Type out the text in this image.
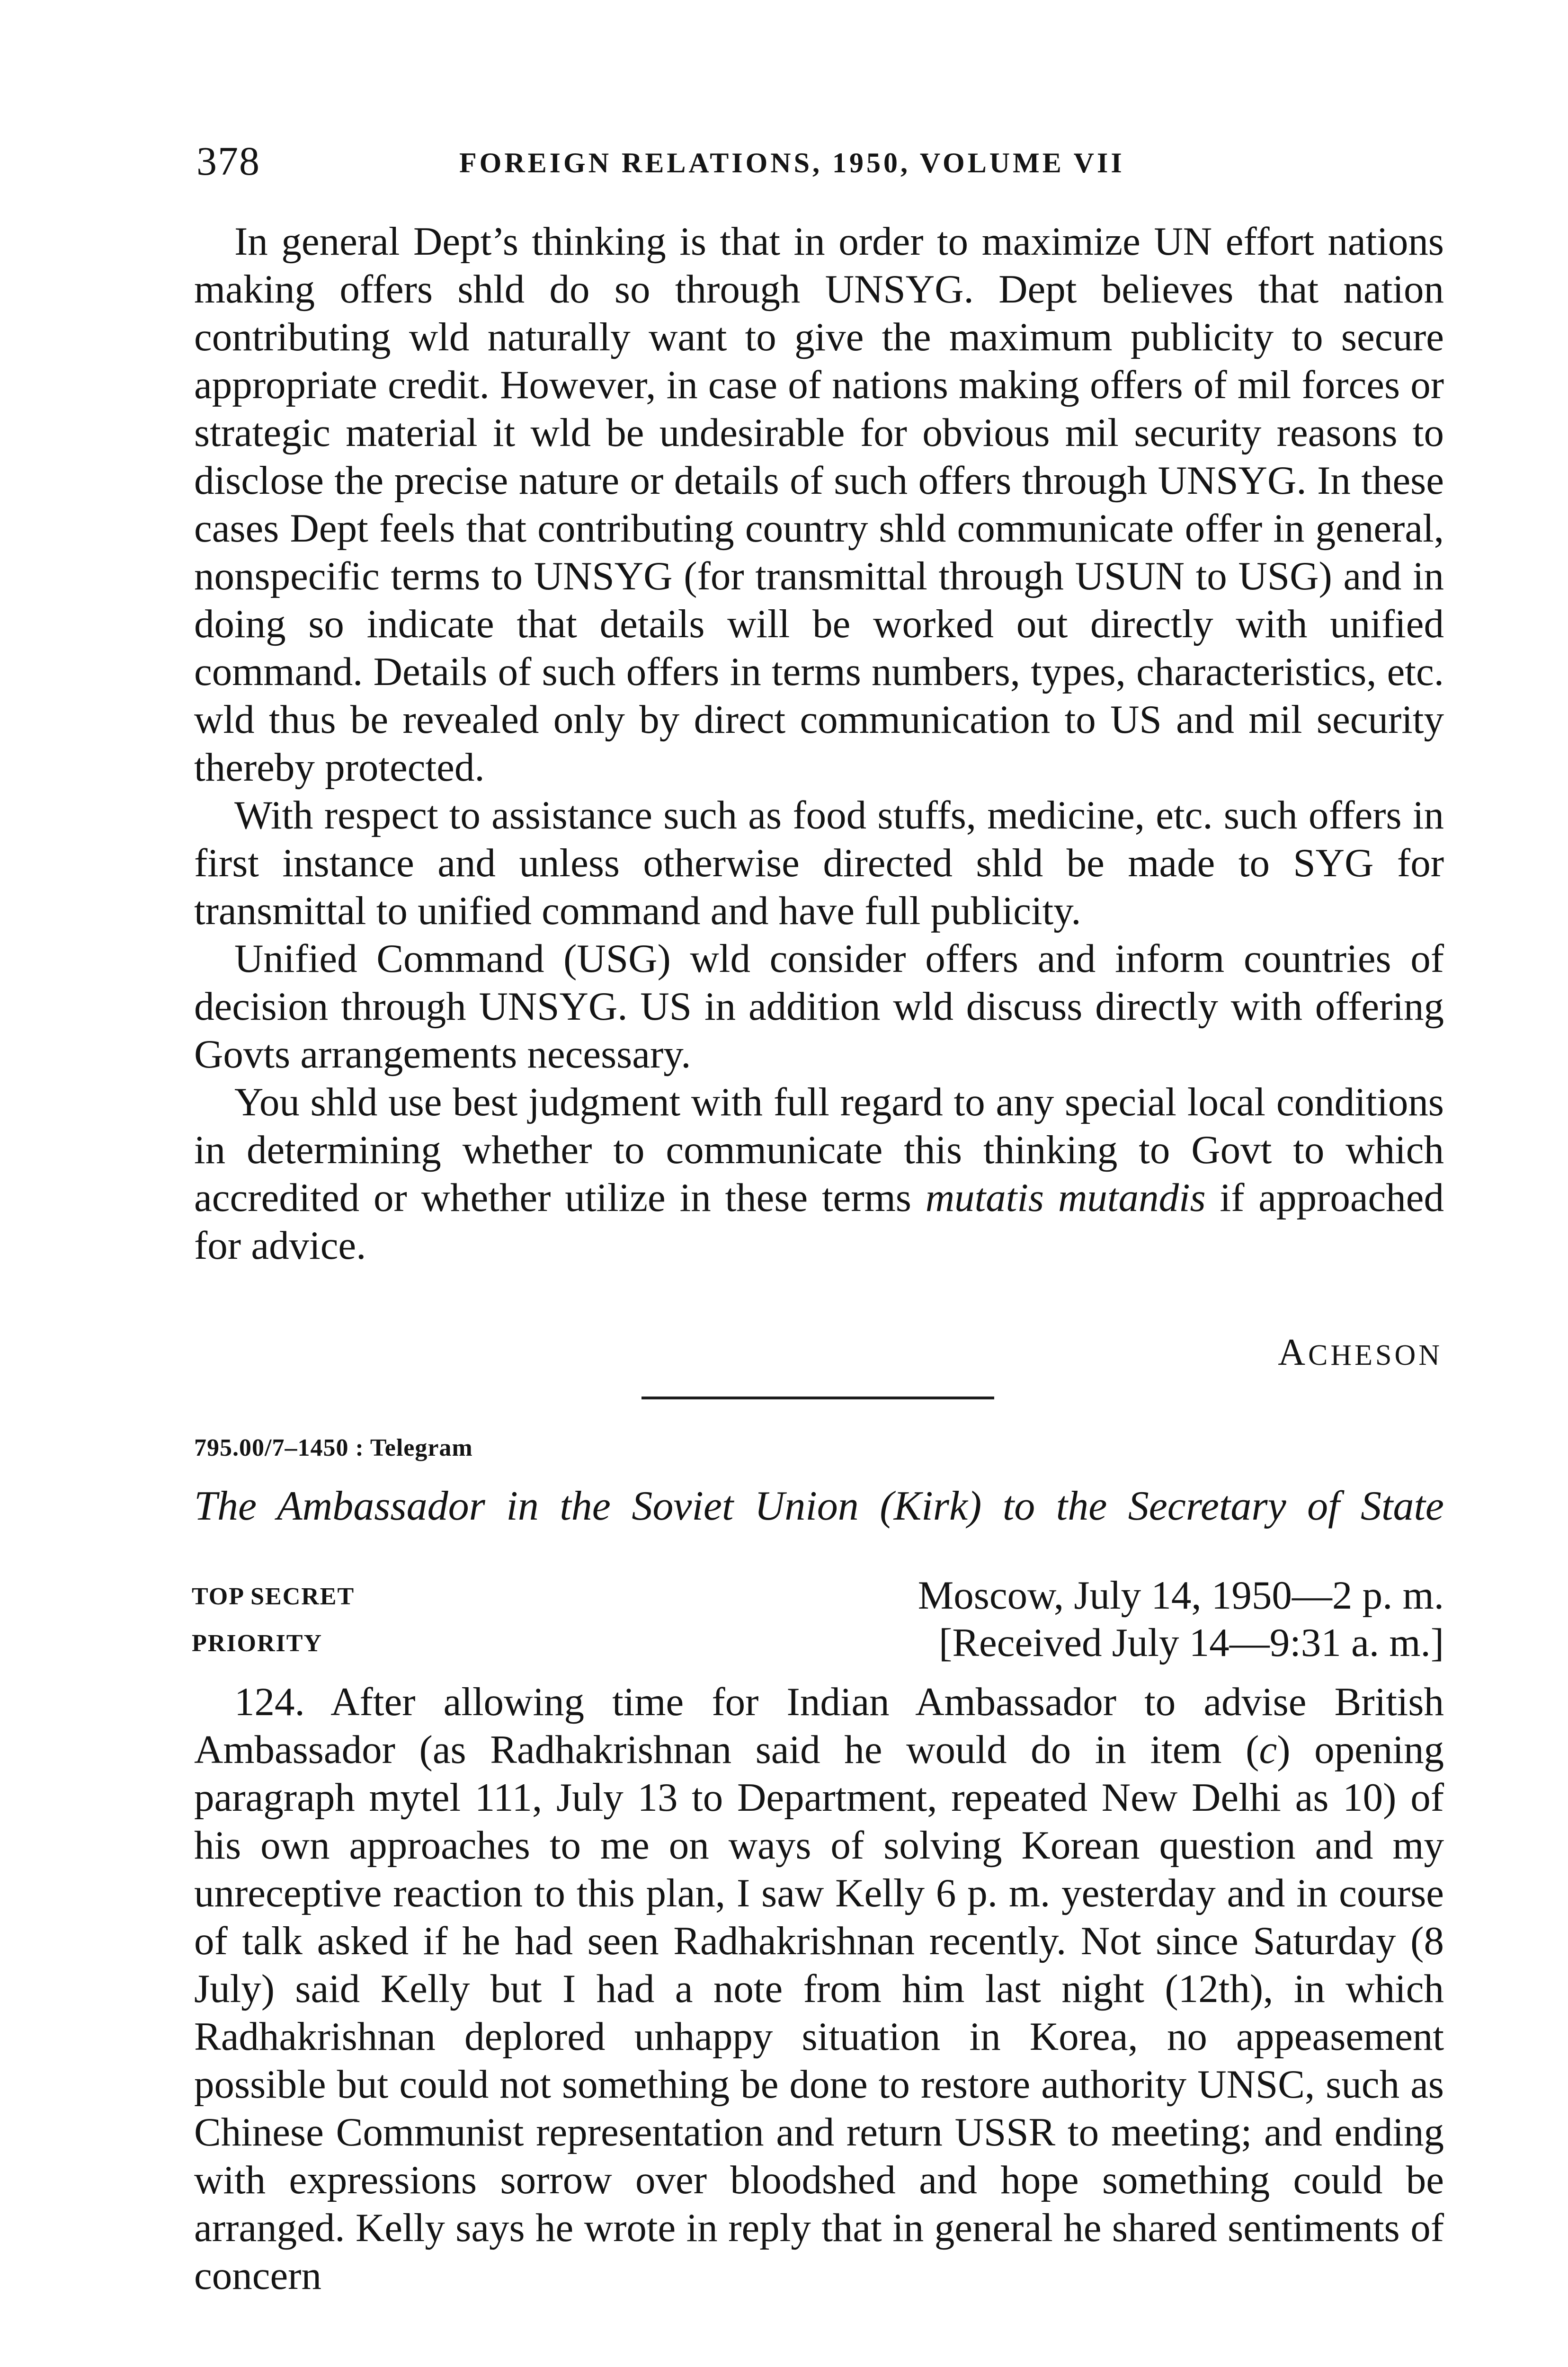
378	FOREIGN RELATIONS, 1950, VOLUME VII

In general Dept’s thinking is that in order to maximize UN effort nations making offers shld do so through UNSYG. Dept believes that nation contributing wld naturally want to give the maximum publicity to secure appropriate credit. However, in case of nations making offers of mil forces or strategic material it wld be undesirable for obvious mil security reasons to disclose the precise nature or details of such offers through UNSYG. In these cases Dept feels that contributing country shld communicate offer in general, nonspecific terms to UNSYG (for transmittal through USUN to USG) and in doing so indicate that details will be worked out directly with unified command. Details of such offers in terms numbers, types, characteristics, etc. wld thus be revealed only by direct communication to US and mil security thereby protected.

With respect to assistance such as food stuffs, medicine, etc. such offers in first instance and unless otherwise directed shld be made to SYG for transmittal to unified command and have full publicity.

Unified Command (USG) wld consider offers and inform countries of decision through UNSYG. US in addition wld discuss directly with offering Govts arrangements necessary.

You shld use best judgment with full regard to any special local conditions in determining whether to communicate this thinking to Govt to which accredited or whether utilize in these terms mutatis mutandis if approached for advice.

ACHESON
795.00/7–1450 : Telegram
The Ambassador in the Soviet Union (Kirk) to the Secretary of State
TOP SECRET
PRIORITY
Moscow, July 14, 1950—2 p. m.
[Received July 14—9:31 a. m.]

124. After allowing time for Indian Ambassador to advise British Ambassador (as Radhakrishnan said he would do in item (c) opening paragraph mytel 111, July 13 to Department, repeated New Delhi as 10) of his own approaches to me on ways of solving Korean question and my unreceptive reaction to this plan, I saw Kelly 6 p. m. yesterday and in course of talk asked if he had seen Radhakrishnan recently. Not since Saturday (8 July) said Kelly but I had a note from him last night (12th), in which Radhakrishnan deplored unhappy situation in Korea, no appeasement possible but could not something be done to restore authority UNSC, such as Chinese Communist representation and return USSR to meeting; and ending with expressions sorrow over bloodshed and hope something could be arranged. Kelly says he wrote in reply that in general he shared sentiments of concern
